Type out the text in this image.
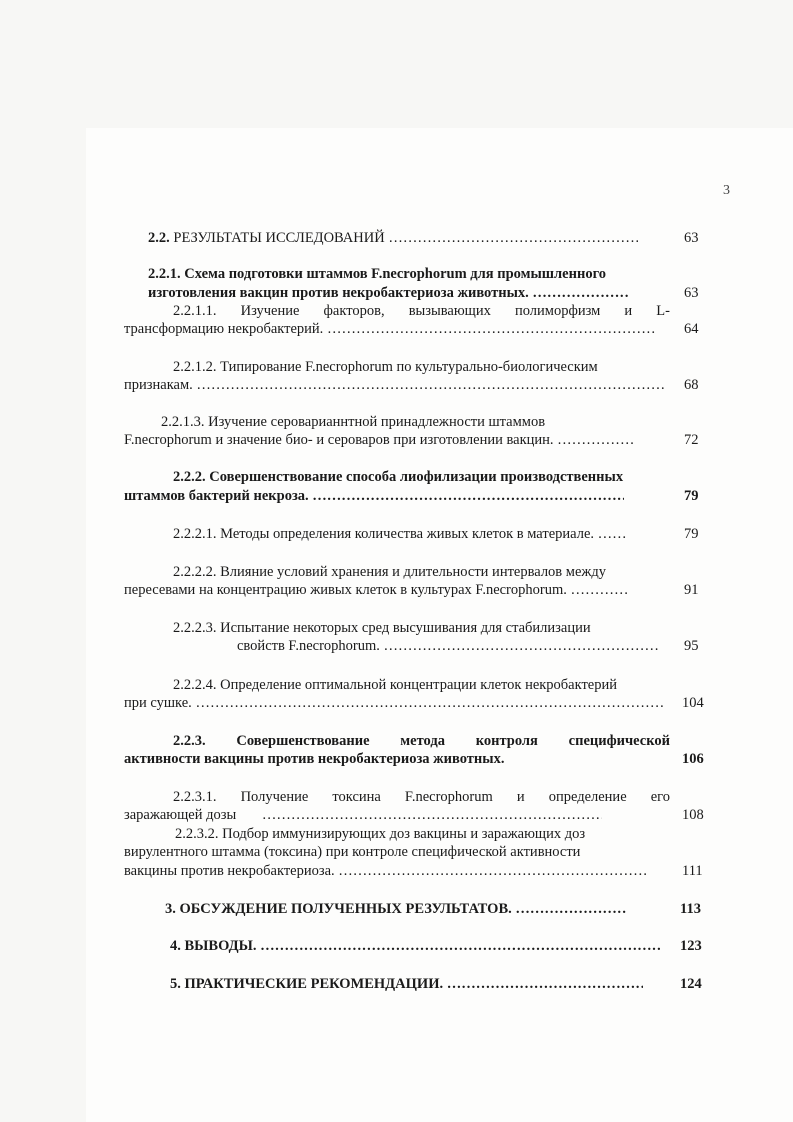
3
2.2. РЕЗУЛЬТАТЫ ИССЛЕДОВАНИЙ …………………………………………………………………………………………………………………………………………	63
2.2.1. Схема подготовки штаммов F.necrophorum для промышленного
изготовления вакцин против некробактериоза животных. …………………………………………………………………………………………………………………………………………	63
2.2.1.1. Изучение факторов, вызывающих полиморфизм и L-
трансформацию некробактерий. …………………………………………………………………………………………………………………………………………	64
2.2.1.2. Типирование F.necrophorum по культурально-биологическим
признакам. …………………………………………………………………………………………………………………………………………	68
2.2.1.3. Изучение сероварианнтной принадлежности штаммов
F.necrophorum и значение био- и сероваров при изготовлении вакцин. …………………………………………………………………………………………………………………………………………	72
2.2.2. Совершенствование способа лиофилизации производственных
штаммов бактерий некроза. …………………………………………………………………………………………………………………………………………	79
2.2.2.1. Методы определения количества живых клеток в материале. …………………………………………………………………………………………………………………………………………	79
2.2.2.2. Влияние условий хранения и длительности интервалов между
пересевами на концентрацию живых клеток в культурах F.necrophorum. …………………………………………………………………………………………………………………………………………	91
2.2.2.3. Испытание некоторых сред высушивания для стабилизации
свойств F.necrophorum. …………………………………………………………………………………………………………………………………………	95
2.2.2.4. Определение оптимальной концентрации клеток некробактерий
при сушке. …………………………………………………………………………………………………………………………………………	104
2.2.3. Совершенствование метода контроля специфической
активности вакцины против некробактериоза животных.	106
2.2.3.1. Получение токсина F.necrophorum и определение его
заражающей дозы …………………………………………………………………………………………………………………………………………	108
2.2.3.2. Подбор иммунизирующих доз вакцины и заражающих доз
вирулентного штамма (токсина) при контроле специфической активности
вакцины против некробактериоза. …………………………………………………………………………………………………………………………………………	111
3. ОБСУЖДЕНИЕ ПОЛУЧЕННЫХ РЕЗУЛЬТАТОВ. …………………………………………………………………………………………………………………………………………	113
4. ВЫВОДЫ. …………………………………………………………………………………………………………………………………………	123
5. ПРАКТИЧЕСКИЕ РЕКОМЕНДАЦИИ. …………………………………………………………………………………………………………………………………………	124
